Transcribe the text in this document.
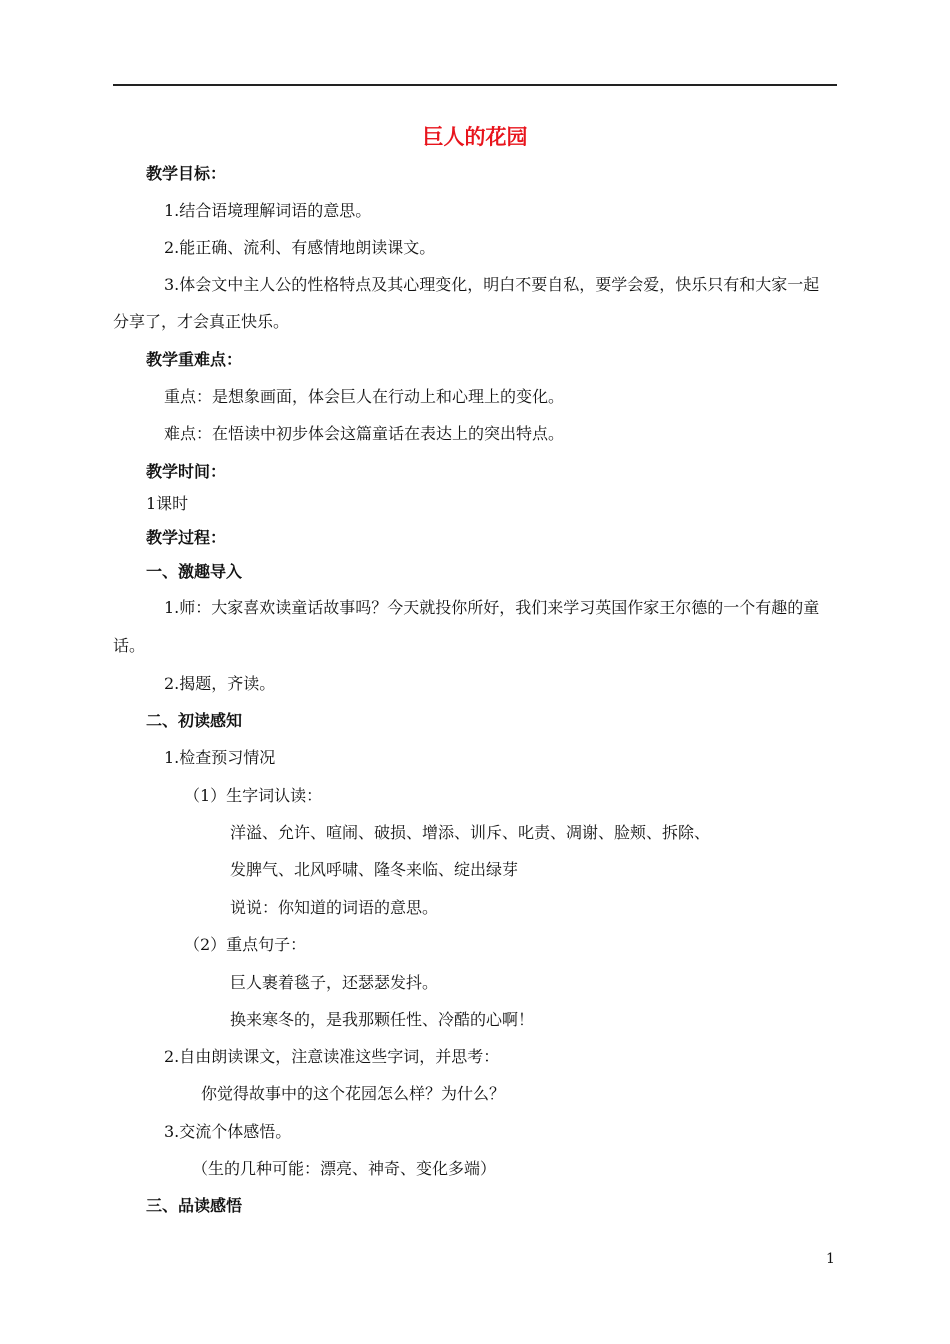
巨人的花园
教学目标：
1.结合语境理解词语的意思。
2.能正确、流利、有感情地朗读课文。
3.体会文中主人公的性格特点及其心理变化，明白不要自私，要学会爱，快乐只有和大家一起
分享了，才会真正快乐。
教学重难点：
重点：是想象画面，体会巨人在行动上和心理上的变化。
难点：在悟读中初步体会这篇童话在表达上的突出特点。
教学时间：
1课时
教学过程：
一、激趣导入
1.师：大家喜欢读童话故事吗？今天就投你所好，我们来学习英国作家王尔德的一个有趣的童
话。
2.揭题，齐读。
二、初读感知
1.检查预习情况
（1）生字词认读：
洋溢、允许、喧闹、破损、增添、训斥、叱责、凋谢、脸颊、拆除、
发脾气、北风呼啸、隆冬来临、绽出绿芽
说说：你知道的词语的意思。
（2）重点句子：
巨人裹着毯子，还瑟瑟发抖。
换来寒冬的，是我那颗任性、冷酷的心啊！
2.自由朗读课文，注意读准这些字词，并思考：
你觉得故事中的这个花园怎么样？为什么？
3.交流个体感悟。
（生的几种可能：漂亮、神奇、变化多端）
三、品读感悟
1
